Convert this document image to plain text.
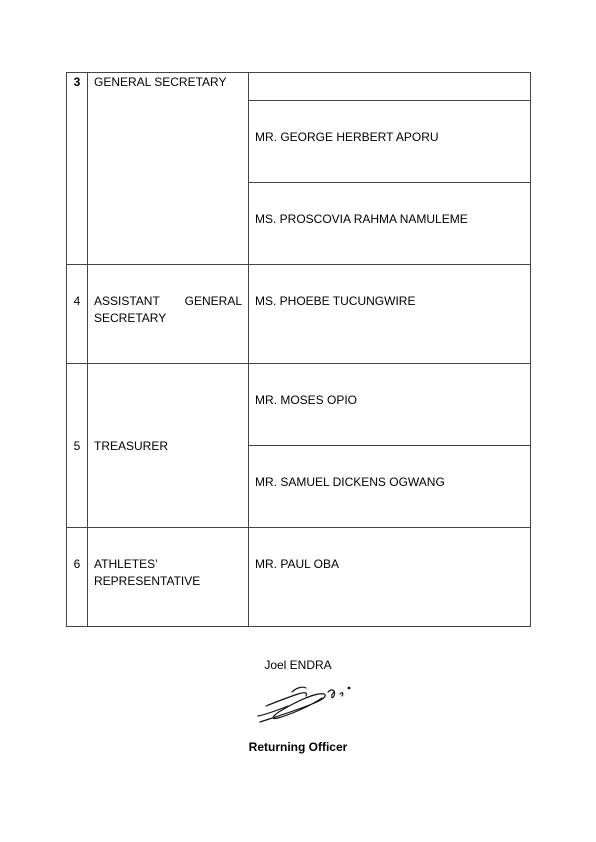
3	GENERAL SECRETARY	

		MR. GEORGE HERBERT APORU

		MS. PROSCOVIA RAHMA NAMULEME

4	ASSISTANT GENERAL
SECRETARY	MS. PHOEBE TUCUNGWIRE

5	TREASURER	MR. MOSES OPIO

		MR. SAMUEL DICKENS OGWANG

6	ATHLETES’
REPRESENTATIVE	MR. PAUL OBA
Joel ENDRA
Returning Officer
